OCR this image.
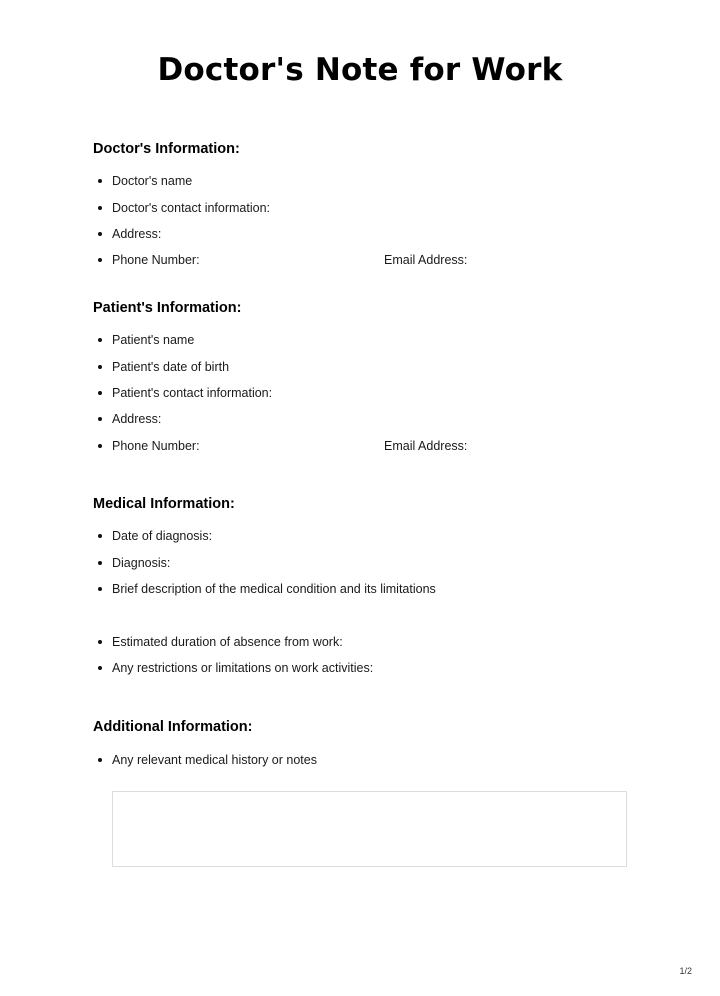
Doctor's Note for Work
Doctor's Information:
Doctor's name
Doctor's contact information:
Address:
Phone Number:	Email Address:
Patient's Information:
Patient's name
Patient's date of birth
Patient's contact information:
Address:
Phone Number:	Email Address:
Medical Information:
Date of diagnosis:
Diagnosis:
Brief description of the medical condition and its limitations
Estimated duration of absence from work:
Any restrictions or limitations on work activities:
Additional Information:
Any relevant medical history or notes
1/2
